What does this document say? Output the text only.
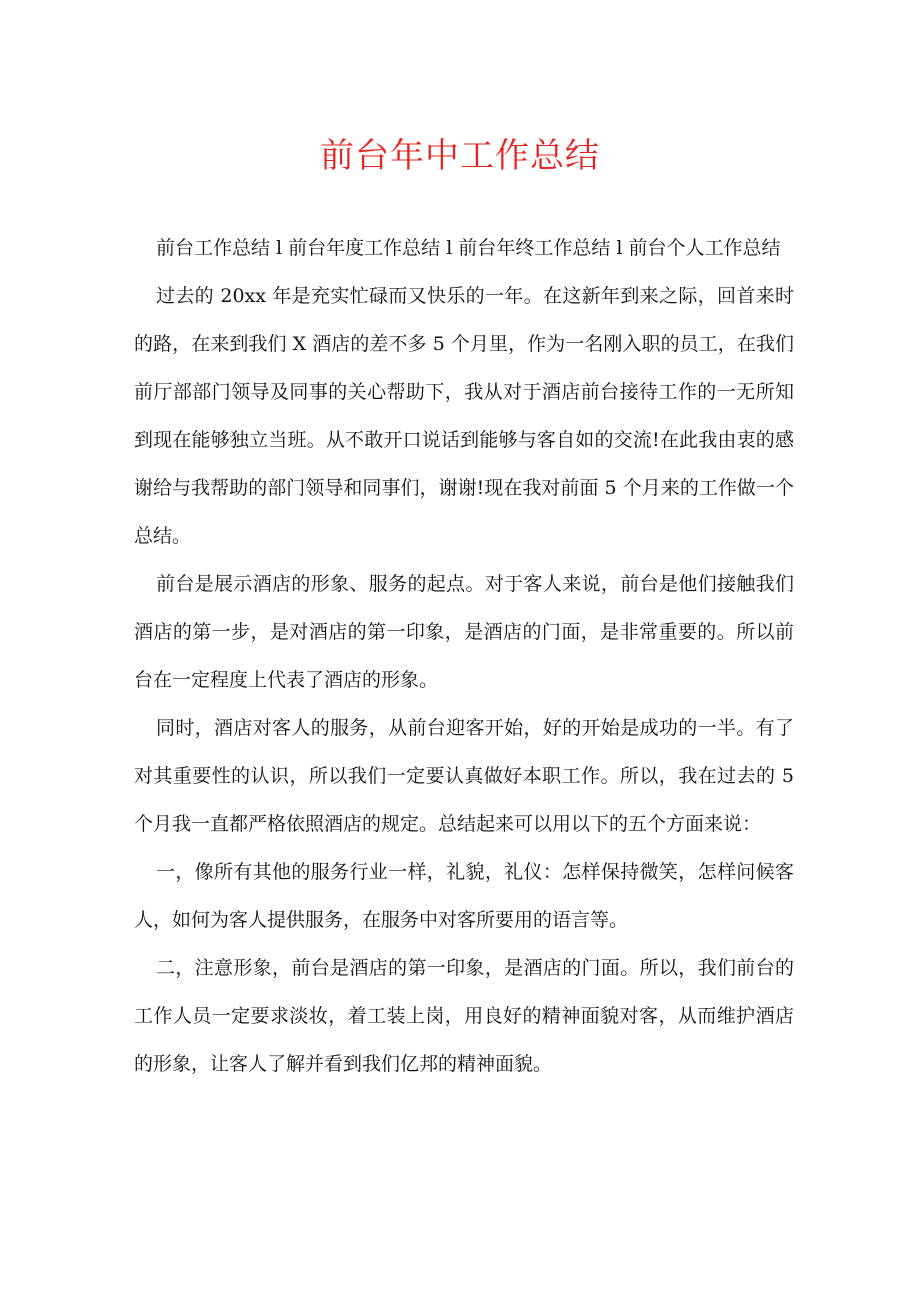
前台年中工作总结

前台工作总结 l 前台年度工作总结 l 前台年终工作总结 l 前台个人工作总结

过去的 20xx 年是充实忙碌而又快乐的一年。在这新年到来之际，回首来时的路，在来到我们 X 酒店的差不多 5 个月里，作为一名刚入职的员工，在我们前厅部部门领导及同事的关心帮助下，我从对于酒店前台接待工作的一无所知到现在能够独立当班。从不敢开口说话到能够与客自如的交流!在此我由衷的感谢给与我帮助的部门领导和同事们，谢谢!现在我对前面 5 个月来的工作做一个总结。

前台是展示酒店的形象、服务的起点。对于客人来说，前台是他们接触我们酒店的第一步，是对酒店的第一印象，是酒店的门面，是非常重要的。所以前台在一定程度上代表了酒店的形象。

同时，酒店对客人的服务，从前台迎客开始，好的开始是成功的一半。有了对其重要性的认识，所以我们一定要认真做好本职工作。所以，我在过去的 5 个月我一直都严格依照酒店的规定。总结起来可以用以下的五个方面来说：

一，像所有其他的服务行业一样，礼貌，礼仪：怎样保持微笑，怎样问候客人，如何为客人提供服务，在服务中对客所要用的语言等。

二，注意形象，前台是酒店的第一印象，是酒店的门面。所以，我们前台的工作人员一定要求淡妆，着工装上岗，用良好的精神面貌对客，从而维护酒店的形象，让客人了解并看到我们亿邦的精神面貌。
